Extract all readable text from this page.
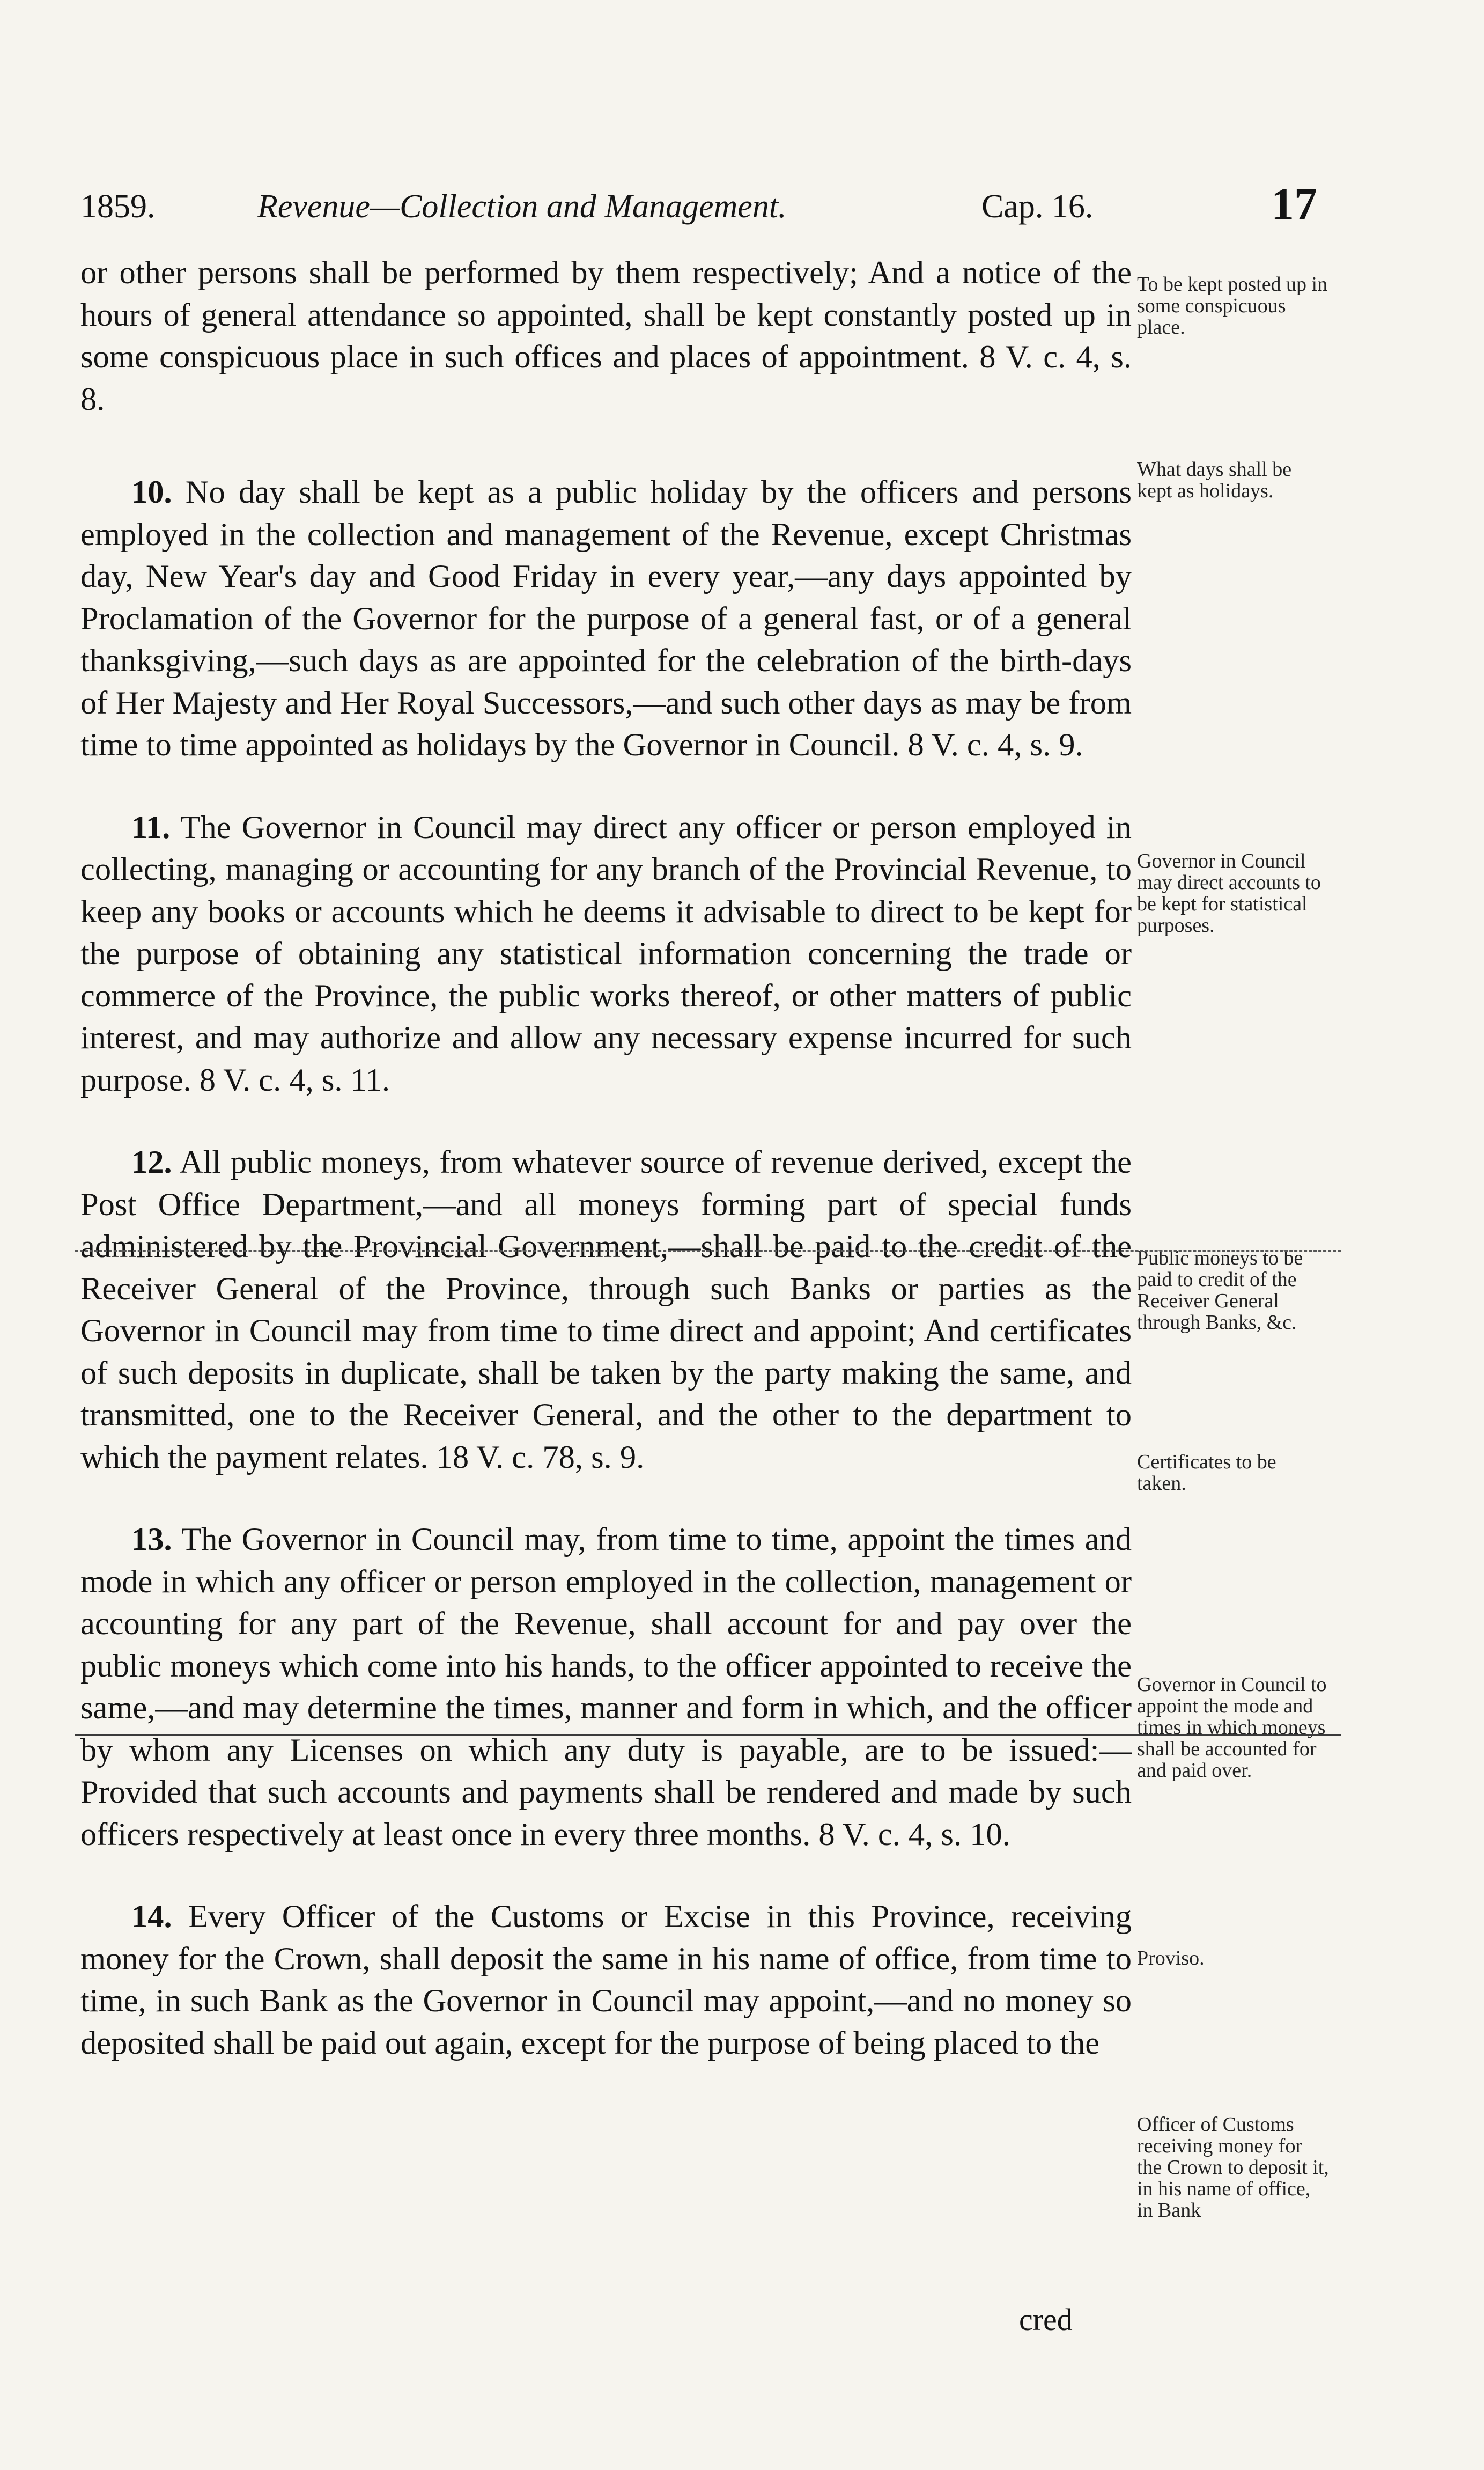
1859.	Revenue—Collection and Management.	Cap. 16.	17

or other persons shall be performed by them respectively; And a notice of the hours of general attendance so appointed, shall be kept constantly posted up in some conspicuous place in such offices and places of appointment. 8 V. c. 4, s. 8.

10. No day shall be kept as a public holiday by the officers and persons employed in the collection and management of the Revenue, except Christmas day, New Year's day and Good Friday in every year,—any days appointed by Proclamation of the Governor for the purpose of a general fast, or of a general thanksgiving,—such days as are appointed for the celebration of the birth-days of Her Majesty and Her Royal Successors,—and such other days as may be from time to time appointed as holidays by the Governor in Council. 8 V. c. 4, s. 9.

11. The Governor in Council may direct any officer or person employed in collecting, managing or accounting for any branch of the Provincial Revenue, to keep any books or accounts which he deems it advisable to direct to be kept for the purpose of obtaining any statistical information concerning the trade or commerce of the Province, the public works thereof, or other matters of public interest, and may authorize and allow any necessary expense incurred for such purpose. 8 V. c. 4, s. 11.

12. All public moneys, from whatever source of revenue derived, except the Post Office Department,—and all moneys forming part of special funds administered by the Provincial Government,—shall be paid to the credit of the Receiver General of the Province, through such Banks or parties as the Governor in Council may from time to time direct and appoint; And certificates of such deposits in duplicate, shall be taken by the party making the same, and transmitted, one to the Receiver General, and the other to the department to which the payment relates. 18 V. c. 78, s. 9.

13. The Governor in Council may, from time to time, appoint the times and mode in which any officer or person employed in the collection, management or accounting for any part of the Revenue, shall account for and pay over the public moneys which come into his hands, to the officer appointed to receive the same,—and may determine the times, manner and form in which, and the officer by whom any Licenses on which any duty is payable, are to be issued:—Provided that such accounts and payments shall be rendered and made by such officers respectively at least once in every three months. 8 V. c. 4, s. 10.

14. Every Officer of the Customs or Excise in this Province, receiving money for the Crown, shall deposit the same in his name of office, from time to time, in such Bank as the Governor in Council may appoint,—and no money so deposited shall be paid out again, except for the purpose of being placed to the

cred
To be kept posted up in some conspicuous place.
What days shall be kept as holidays.
Governor in Council may direct accounts to be kept for statistical purposes.
Public moneys to be paid to credit of the Receiver General through Banks, &c.
Certificates to be taken.
Governor in Council to appoint the mode and times in which moneys shall be accounted for and paid over.
Proviso.
Officer of Customs receiving money for the Crown to deposit it, in his name of office, in Bank
